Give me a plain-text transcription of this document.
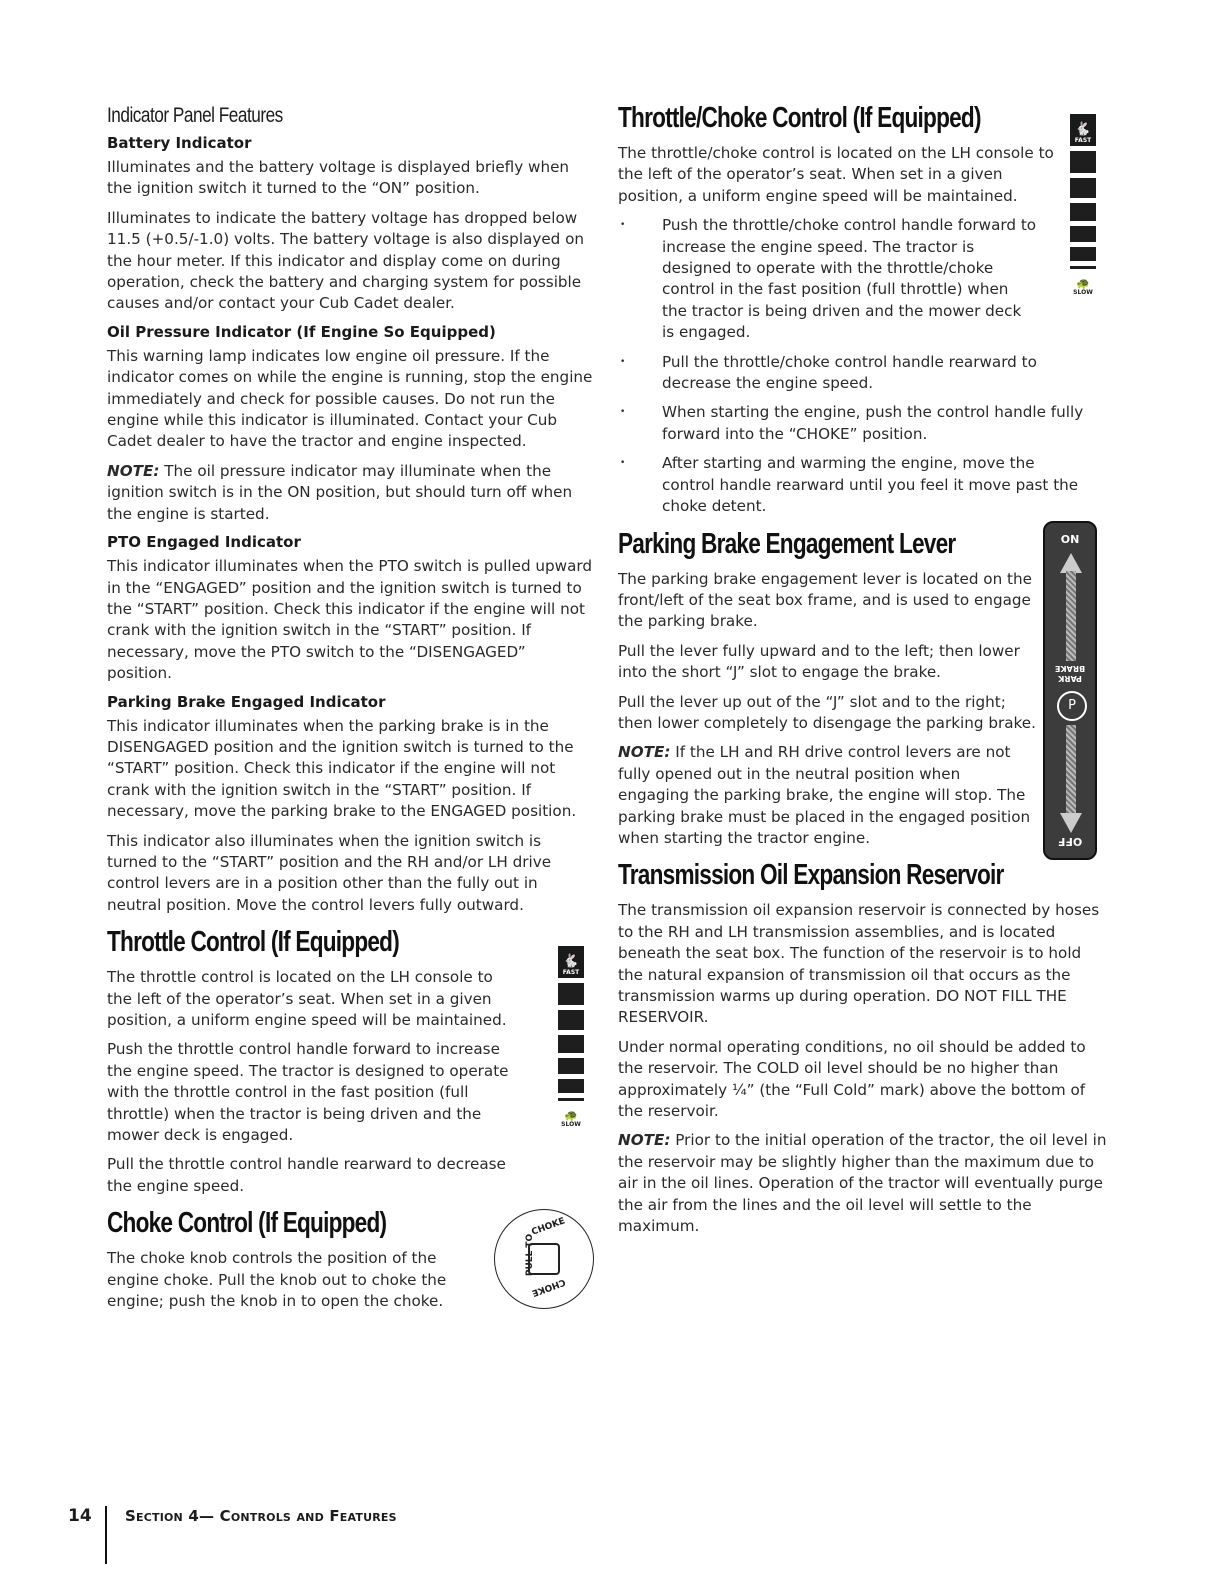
Indicator Panel Features
Battery Indicator

Illuminates and the battery voltage is displayed briefly when the ignition switch it turned to the “ON” position.

Illuminates to indicate the battery voltage has dropped below 11.5 (+0.5/-1.0) volts. The battery voltage is also displayed on the hour meter. If this indicator and display come on during operation, check the battery and charging system for possible causes and/or contact your Cub Cadet dealer.

Oil Pressure Indicator (If Engine So Equipped)

This warning lamp indicates low engine oil pressure. If the indicator comes on while the engine is running, stop the engine immediately and check for possible causes. Do not run the engine while this indicator is illuminated. Contact your Cub Cadet dealer to have the tractor and engine inspected.

NOTE: The oil pressure indicator may illuminate when the ignition switch is in the ON position, but should turn off when the engine is started.

PTO Engaged Indicator

This indicator illuminates when the PTO switch is pulled upward in the “ENGAGED” position and the ignition switch is turned to the “START” position. Check this indicator if the engine will not crank with the ignition switch in the “START” position. If necessary, move the PTO switch to the “DISENGAGED” position.

Parking Brake Engaged Indicator

This indicator illuminates when the parking brake is in the DISENGAGED position and the ignition switch is turned to the “START” position. Check this indicator if the engine will not crank with the ignition switch in the “START” position. If necessary, move the parking brake to the ENGAGED position.

This indicator also illuminates when the ignition switch is turned to the “START” position and the RH and/or LH drive control levers are in a position other than the fully out in neutral position. Move the control levers fully outward.

Throttle Control (If Equipped)

The throttle control is located on the LH console to the left of the operator’s seat. When set in a given position, a uniform engine speed will be maintained.

Push the throttle control handle forward to increase the engine speed. The tractor is designed to operate with the throttle control in the fast position (full throttle) when the tractor is being driven and the mower deck is engaged.

Pull the throttle control handle rearward to decrease the engine speed.

Choke Control (If Equipped)

The choke knob controls the position of the engine choke. Pull the knob out to choke the engine; push the knob in to open the choke.

Throttle/Choke Control (If Equipped)

The throttle/choke control is located on the LH console to the left of the operator’s seat. When set in a given position, a uniform engine speed will be maintained.

• Push the throttle/choke control handle forward to increase the engine speed. The tractor is designed to operate with the throttle/choke control in the fast position (full throttle) when the tractor is being driven and the mower deck is engaged.
• Pull the throttle/choke control handle rearward to decrease the engine speed.
• When starting the engine, push the control handle fully forward into the “CHOKE” position.
• After starting and warming the engine, move the control handle rearward until you feel it move past the choke detent.
Parking Brake Engagement Lever

The parking brake engagement lever is located on the front/left of the seat box frame, and is used to engage the parking brake.

Pull the lever fully upward and to the left; then lower into the short “J” slot to engage the brake.

Pull the lever up out of the “J” slot and to the right; then lower completely to disengage the parking brake.

NOTE: If the LH and RH drive control levers are not fully opened out in the neutral position when engaging the parking brake, the engine will stop. The parking brake must be placed in the engaged position when starting the tractor engine.

Transmission Oil Expansion Reservoir

The transmission oil expansion reservoir is connected by hoses to the RH and LH transmission assemblies, and is located beneath the seat box. The function of the reservoir is to hold the natural expansion of transmission oil that occurs as the transmission warms up during operation. DO NOT FILL THE RESERVOIR.

Under normal operating conditions, no oil should be added to the reservoir. The COLD oil level should be no higher than approximately ¼” (the “Full Cold” mark) above the bottom of the reservoir.

NOTE: Prior to the initial operation of the tractor, the oil level in the reservoir may be slightly higher than the maximum due to air in the oil lines. Operation of the tractor will eventually purge the air from the lines and the oil level will settle to the maximum.

🐇
FAST
🐢
SLOW
🐇
FAST
🐢
SLOW
ON
PARK BRAKE
P
OFF
CHOKE
PULL TO
CHOKE
14	Section 4— Controls and Features
